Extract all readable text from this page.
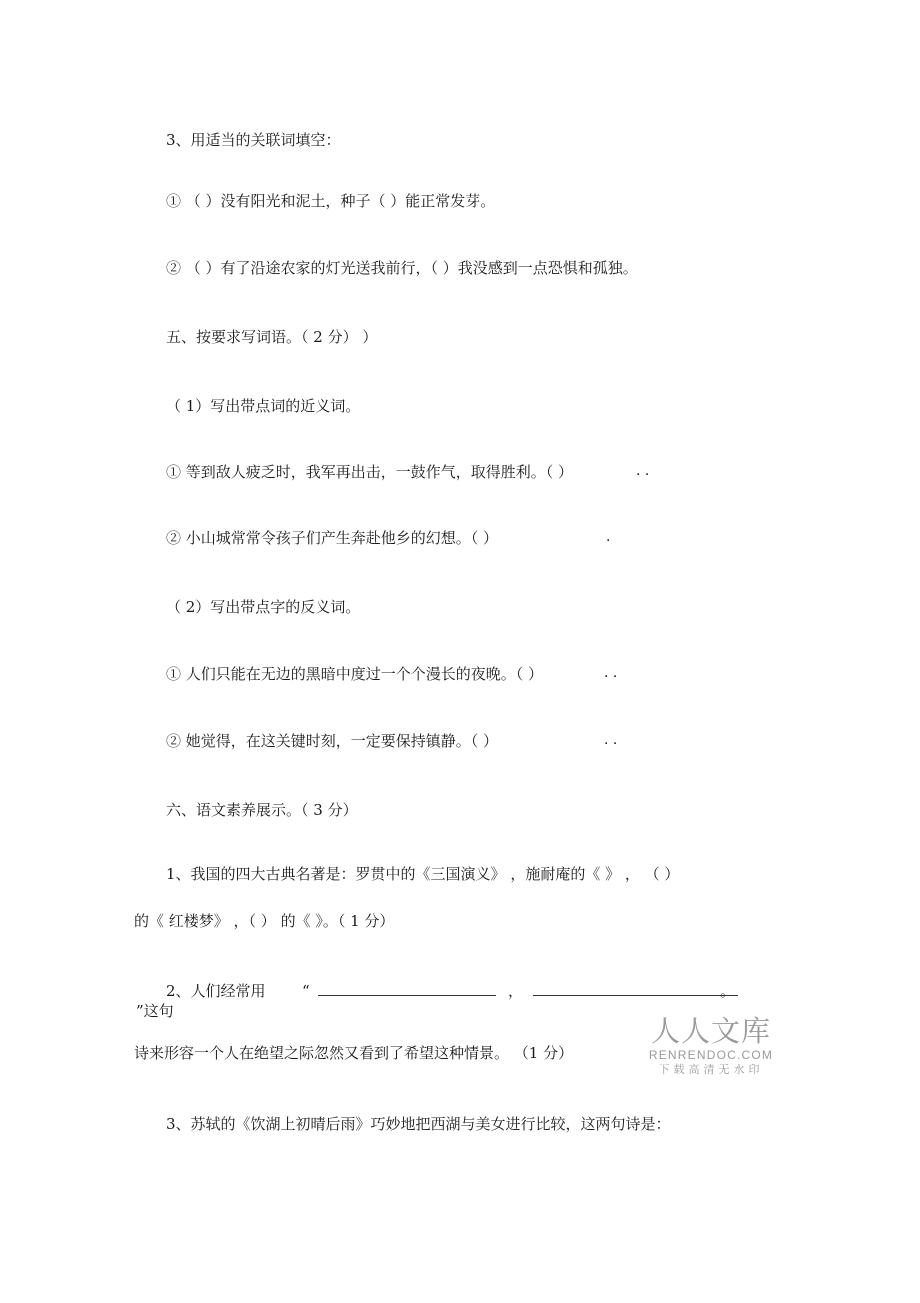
3、用适当的关联词填空：
① （ ）没有阳光和泥土，种子（ ）能正常发芽。
② （ ）有了沿途农家的灯光送我前行，（ ）我没感到一点恐惧和孤独。
五、按要求写词语。（ 2 分） ）
（ 1）写出带点词的近义词。
① 等到敌人疲乏时，我军再出击，一鼓作气，取得胜利。（ ）	. .
② 小山城常常令孩子们产生奔赴他乡的幻想。（ ）	.
（ 2）写出带点字的反义词。
① 人们只能在无边的黑暗中度过一个个漫长的夜晚。（ ）	. .
② 她觉得，在这关键时刻，一定要保持镇静。（ ）	. .
六、语文素养展示。（ 3 分）
1、我国的四大古典名著是：罗贯中的《三国演义》 ，施耐庵的《 》 ， （ ）
的《 红楼梦》 ，（ ） 的《 》。（ 1 分）
2、人们经常用 “	，	。
”这句
诗来形容一个人在绝望之际忽然又看到了希望这种情景。 （1 分）
3、苏轼的《饮湖上初晴后雨》巧妙地把西湖与美女进行比较，这两句诗是：
人人文库
RENRENDOC.COM
下载高清无水印
